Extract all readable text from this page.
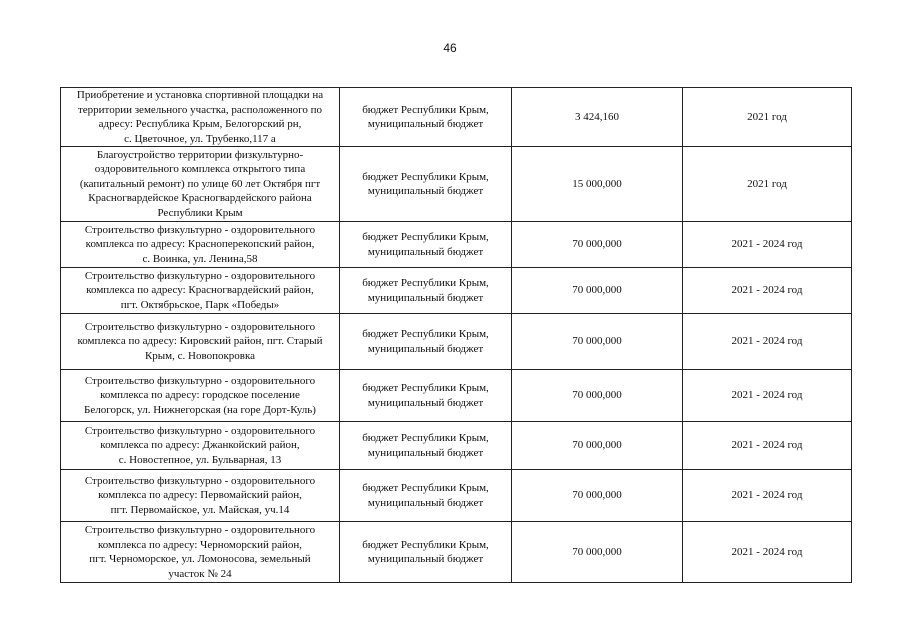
46
Приобретение и установка спортивной площадки на
территории земельного участка, расположенного по
адресу: Республика Крым, Белогорский рн,
с. Цветочное, ул. Трубенко,117 а	бюджет Республики Крым,
муниципальный бюджет	3 424,160	2021 год

Благоустройство территории физкультурно-
оздоровительного комплекса открытого типа
(капитальный ремонт) по улице 60 лет Октября пгт
Красногвардейское Красногвардейского района
Республики Крым	бюджет Республики Крым,
муниципальный бюджет	15 000,000	2021 год

Строительство физкультурно - оздоровительного
комплекса по адресу: Красноперекопский район,
с. Воинка, ул. Ленина,58	бюджет Республики Крым,
муниципальный бюджет	70 000,000	2021 - 2024 год

Строительство физкультурно - оздоровительного
комплекса по адресу: Красногвардейский район,
пгт. Октябрьское, Парк «Победы»	бюджет Республики Крым,
муниципальный бюджет	70 000,000	2021 - 2024 год

Строительство физкультурно - оздоровительного
комплекса по адресу: Кировский район, пгт. Старый
Крым, с. Новопокровка	бюджет Республики Крым,
муниципальный бюджет	70 000,000	2021 - 2024 год

Строительство физкультурно - оздоровительного
комплекса по адресу: городское поселение
Белогорск, ул. Нижнегорская (на горе Дорт-Куль)	бюджет Республики Крым,
муниципальный бюджет	70 000,000	2021 - 2024 год

Строительство физкультурно - оздоровительного
комплекса по адресу: Джанкойский район,
с. Новостепное, ул. Бульварная, 13	бюджет Республики Крым,
муниципальный бюджет	70 000,000	2021 - 2024 год

Строительство физкультурно - оздоровительного
комплекса по адресу: Первомайский район,
пгт. Первомайское, ул. Майская, уч.14	бюджет Республики Крым,
муниципальный бюджет	70 000,000	2021 - 2024 год

Строительство физкультурно - оздоровительного
комплекса по адресу: Черноморский район,
пгт. Черноморское, ул. Ломоносова, земельный
участок № 24	бюджет Республики Крым,
муниципальный бюджет	70 000,000	2021 - 2024 год
